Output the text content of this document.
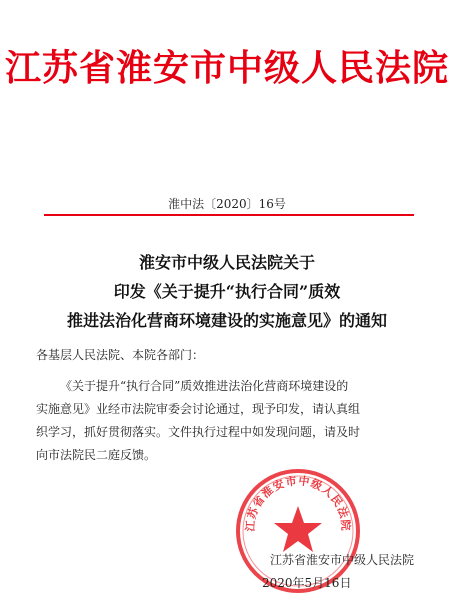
江苏省淮安市中级人民法院
淮中法〔2020〕16号
淮安市中级人民法院关于
印发《关于提升“执行合同”质效
推进法治化营商环境建设的实施意见》的通知
各基层人民法院、本院各部门：
《关于提升“执行合同”质效推进法治化营商环境建设的
实施意见》业经市法院审委会讨论通过，现予印发，请认真组
织学习，抓好贯彻落实。文件执行过程中如发现问题，请及时
向市法院民二庭反馈。
江苏省淮安市中级人民法院
江苏省淮安市中级人民法院
2020年5月16日
